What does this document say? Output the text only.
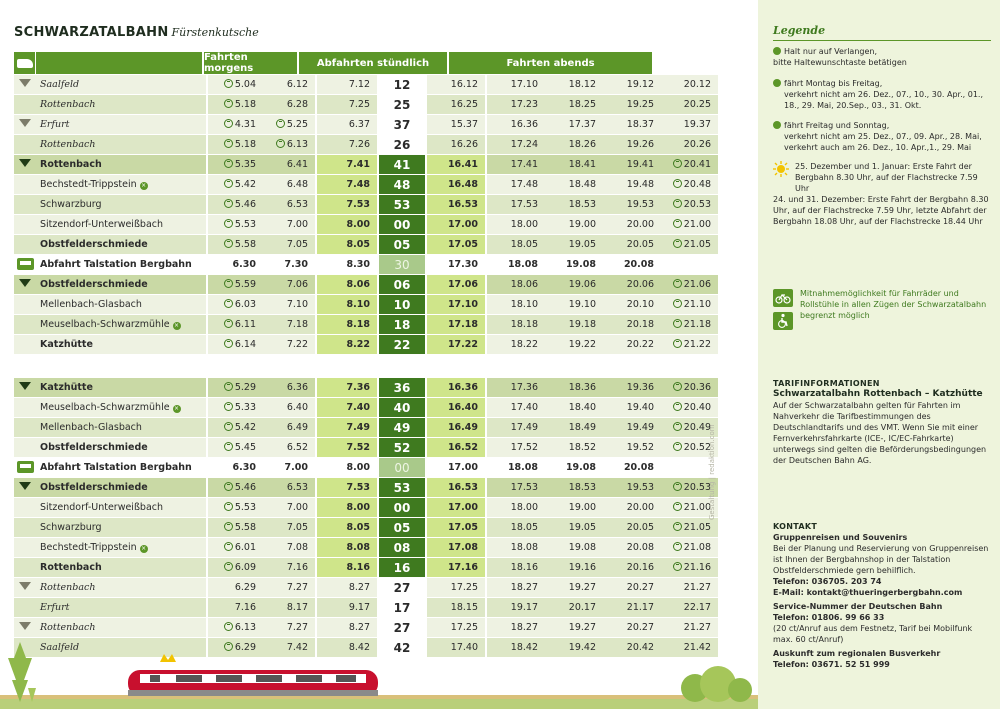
SCHWARZATALBAHN Fürstenkutsche
Fahrten morgens	Abfahrten stündlich	Fahrten abends
	Saalfeld	5.04	6.12	7.12	12	16.12	17.10	18.12	19.12	20.12
	Rottenbach	5.18	6.28	7.25	25	16.25	17.23	18.25	19.25	20.25
	Erfurt	4.31	5.25	6.37	37	15.37	16.36	17.37	18.37	19.37
	Rottenbach	5.18	6.13	7.26	26	16.26	17.24	18.26	19.26	20.26
	Rottenbach	5.35	6.41	7.41	41	16.41	17.41	18.41	19.41	20.41
	Bechstedt-Trippstein ×	5.42	6.48	7.48	48	16.48	17.48	18.48	19.48	20.48
	Schwarzburg	5.46	6.53	7.53	53	16.53	17.53	18.53	19.53	20.53
	Sitzendorf-Unterweißbach	5.53	7.00	8.00	00	17.00	18.00	19.00	20.00	21.00
	Obstfelderschmiede	5.58	7.05	8.05	05	17.05	18.05	19.05	20.05	21.05
	Abfahrt Talstation Bergbahn	6.30	7.30	8.30	30	17.30	18.08	19.08	20.08	
	Obstfelderschmiede	5.59	7.06	8.06	06	17.06	18.06	19.06	20.06	21.06
	Mellenbach-Glasbach	6.03	7.10	8.10	10	17.10	18.10	19.10	20.10	21.10
	Meuselbach-Schwarzmühle ×	6.11	7.18	8.18	18	17.18	18.18	19.18	20.18	21.18
	Katzhütte	6.14	7.22	8.22	22	17.22	18.22	19.22	20.22	21.22
	Katzhütte	5.29	6.36	7.36	36	16.36	17.36	18.36	19.36	20.36
	Meuselbach-Schwarzmühle ×	5.33	6.40	7.40	40	16.40	17.40	18.40	19.40	20.40
	Mellenbach-Glasbach	5.42	6.49	7.49	49	16.49	17.49	18.49	19.49	20.49
	Obstfelderschmiede	5.45	6.52	7.52	52	16.52	17.52	18.52	19.52	20.52
	Abfahrt Talstation Bergbahn	6.30	7.00	8.00	00	17.00	18.08	19.08	20.08	
	Obstfelderschmiede	5.46	6.53	7.53	53	16.53	17.53	18.53	19.53	20.53
	Sitzendorf-Unterweißbach	5.53	7.00	8.00	00	17.00	18.00	19.00	20.00	21.00
	Schwarzburg	5.58	7.05	8.05	05	17.05	18.05	19.05	20.05	21.05
	Bechstedt-Trippstein ×	6.01	7.08	8.08	08	17.08	18.08	19.08	20.08	21.08
	Rottenbach	6.09	7.16	8.16	16	17.16	18.16	19.16	20.16	21.16
	Rottenbach	6.29	7.27	8.27	27	17.25	18.27	19.27	20.27	21.27
	Erfurt	7.16	8.17	9.17	17	18.15	19.17	20.17	21.17	22.17
	Rottenbach	6.13	7.27	8.27	27	17.25	18.27	19.27	20.27	21.27
	Saalfeld	6.29	7.42	8.42	42	17.40	18.42	19.42	20.42	21.42
Gestaltung | redaktion.com
Legende
Halt nur auf Verlangen,
bitte Haltewunschtaste betätigen
fährt Montag bis Freitag,
verkehrt nicht am 26. Dez., 07., 10., 30. Apr., 01., 18., 29. Mai, 20.Sep., 03., 31. Okt.
fährt Freitag und Sonntag,
verkehrt nicht am 25. Dez., 07., 09. Apr., 28. Mai, verkehrt auch am 26. Dez., 10. Apr.,1., 29. Mai
25. Dezember und 1. Januar: Erste Fahrt der Bergbahn 8.30 Uhr, auf der Flachstrecke 7.59 Uhr
24. und 31. Dezember: Erste Fahrt der Bergbahn 8.30 Uhr, auf der Flachstrecke 7.59 Uhr, letzte Abfahrt der Bergbahn 18.08 Uhr, auf der Flachstrecke 18.44 Uhr
Mitnahmemöglichkeit für Fahrräder und Rollstühle in allen Zügen der Schwarzatalbahn begrenzt möglich
TARIFINFORMATIONEN
Schwarzatalbahn Rottenbach – Katzhütte
Auf der Schwarzatalbahn gelten für Fahrten im Nahverkehr die Tarifbestimmungen des Deutschlandtarifs und des VMT. Wenn Sie mit einer Fernverkehrsfahrkarte (ICE-, IC/EC-Fahrkarte) unterwegs sind gelten die Beförderungsbedingungen der Deutschen Bahn AG.
KONTAKT
Gruppenreisen und Souvenirs
Bei der Planung und Reservierung von Gruppenreisen ist Ihnen der Bergbahnshop in der Talstation Obstfelderschmiede gern behilflich.
Telefon: 036705. 203 74
E-Mail: kontakt@thueringerbergbahn.com
Service-Nummer der Deutschen Bahn
Telefon: 01806. 99 66 33
(20 ct/Anruf aus dem Festnetz, Tarif bei Mobilfunk max. 60 ct/Anruf)
Auskunft zum regionalen Busverkehr
Telefon: 03671. 52 51 999
